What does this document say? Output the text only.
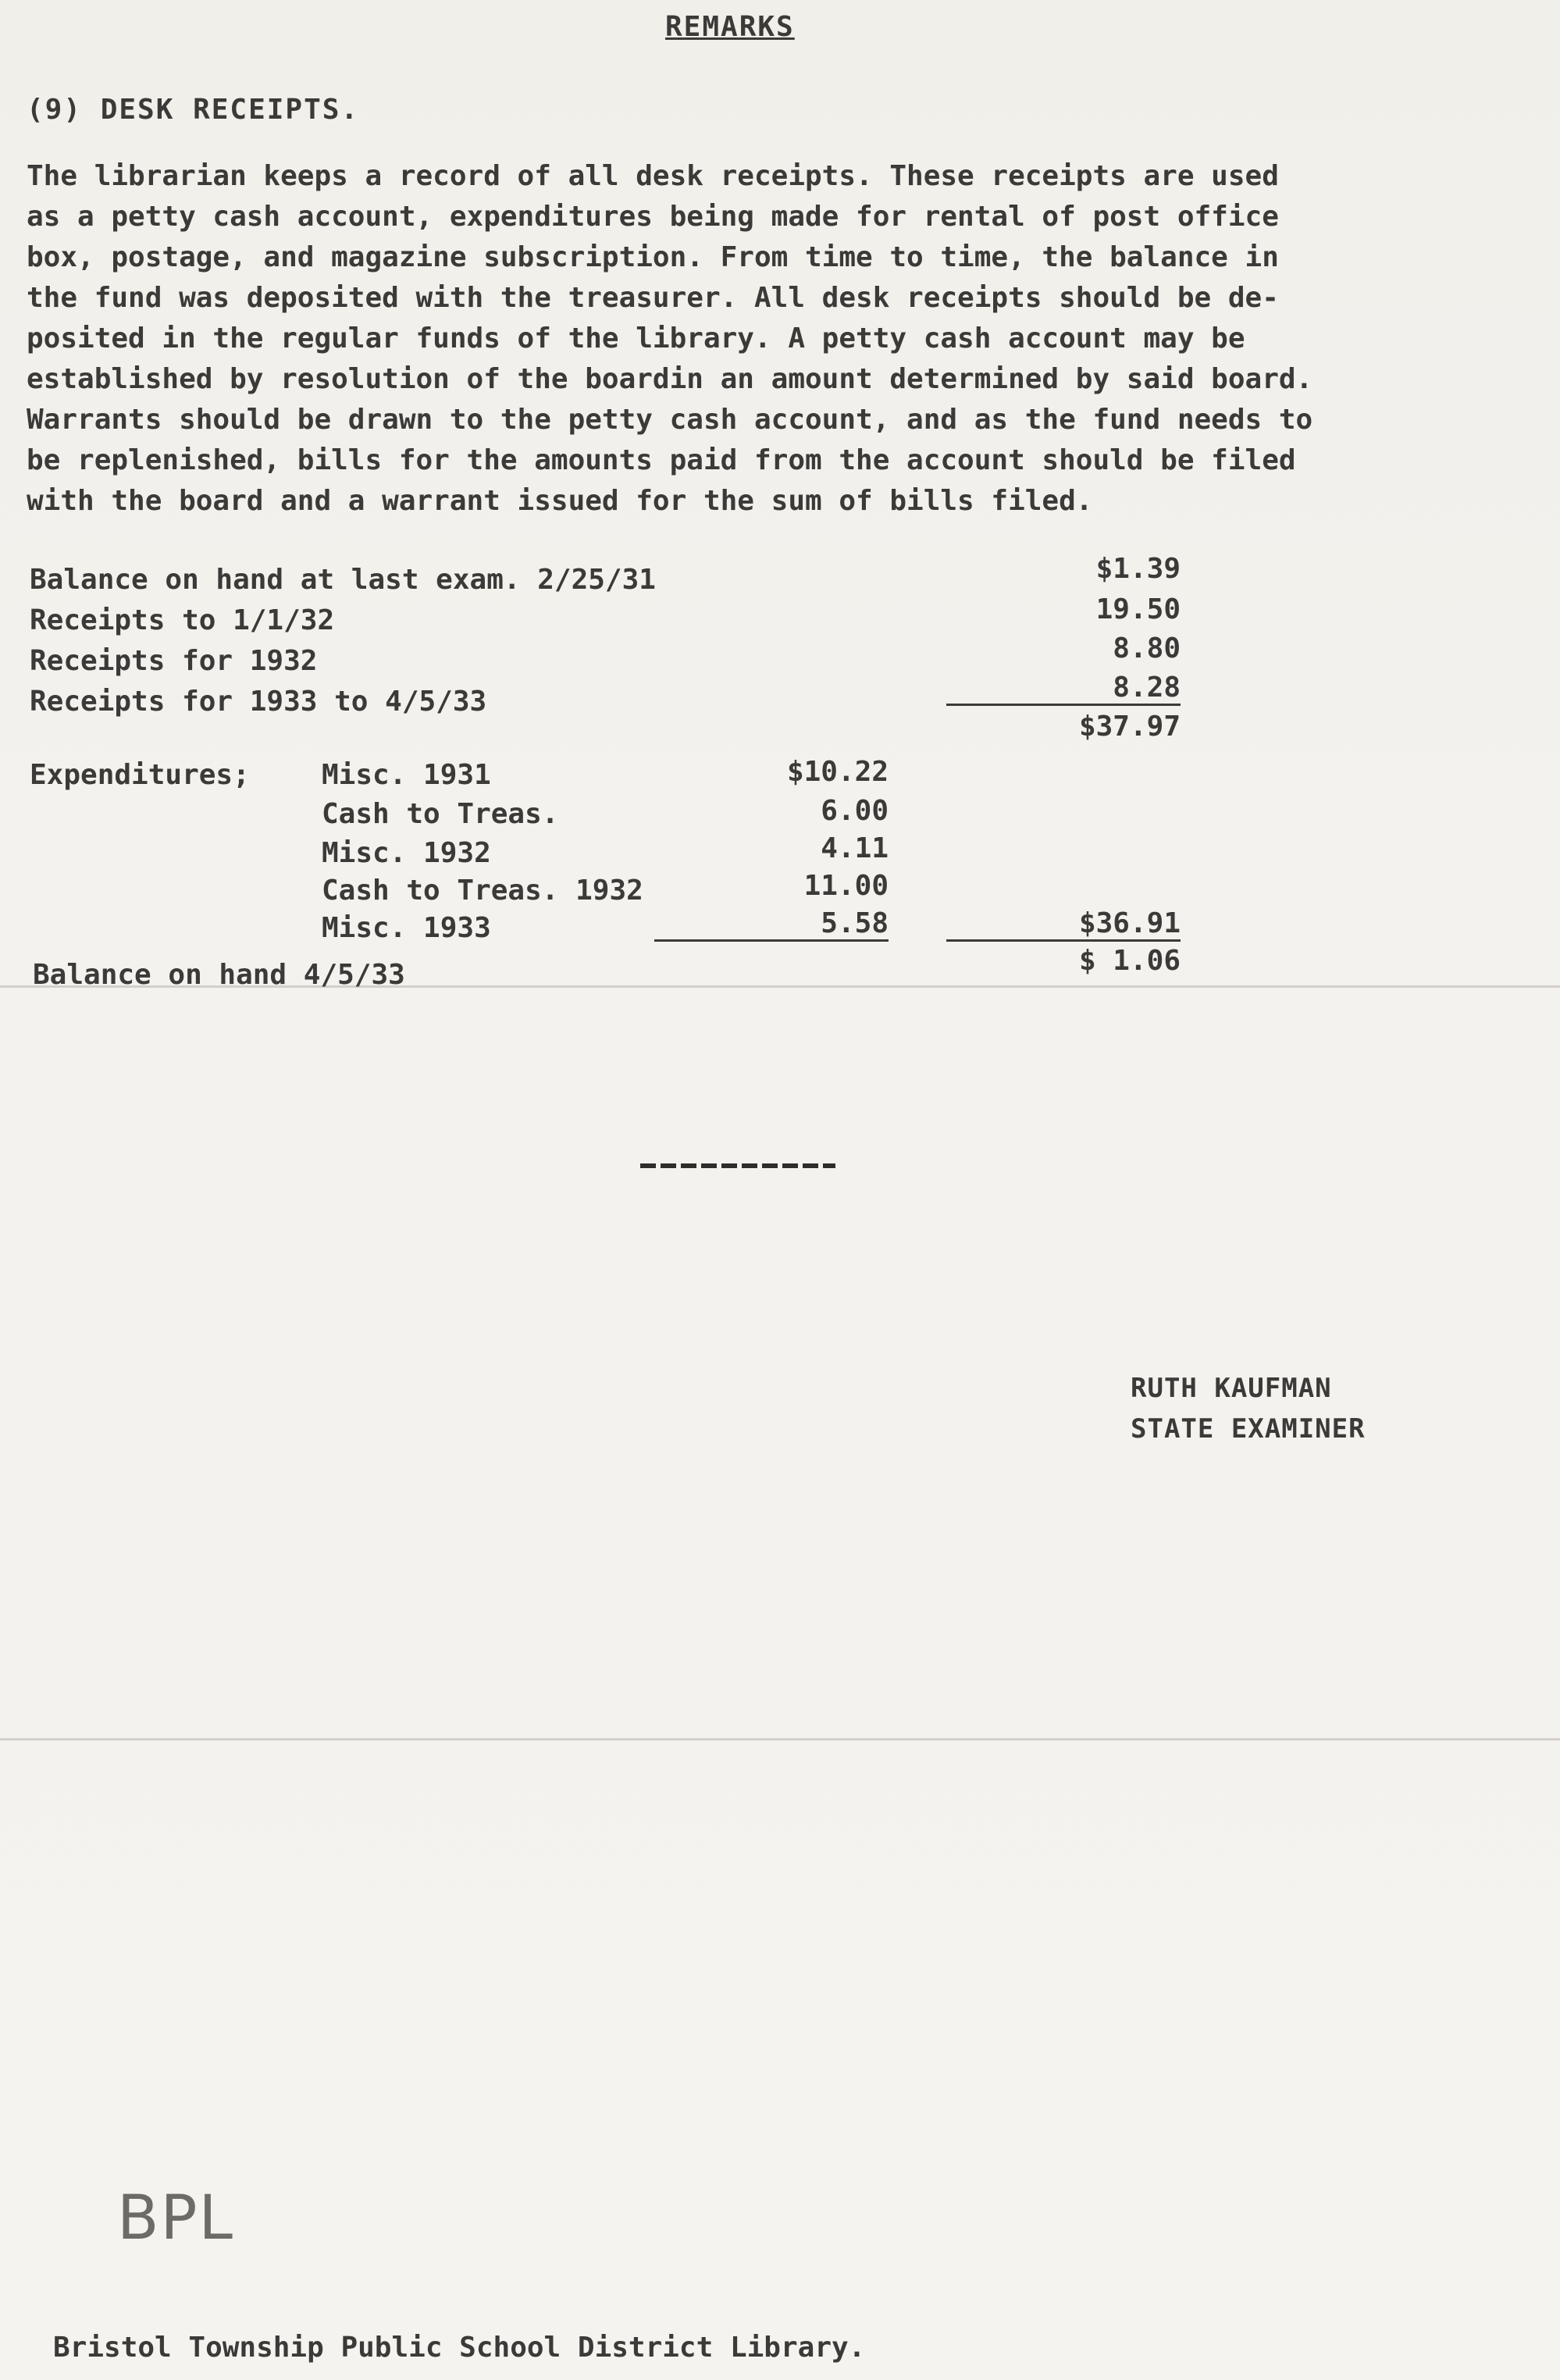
REMARKS
(9) DESK RECEIPTS.

The librarian keeps a record of all desk receipts. These receipts are used
as a petty cash account, expenditures being made for rental of post office
box, postage, and magazine subscription. From time to time, the balance in
the fund was deposited with the treasurer. All desk receipts should be de-
posited in the regular funds of the library. A petty cash account may be
established by resolution of the boardin an amount determined by said board.
Warrants should be drawn to the petty cash account, and as the fund needs to
be replenished, bills for the amounts paid from the account should be filed
with the board and a warrant issued for the sum of bills filed.

Balance on hand at last exam. 2/25/31	$1.39
Receipts to 1/1/32	19.50
Receipts for 1932	8.80
Receipts for 1933 to 4/5/33	8.28
$37.97
Expenditures;	Misc. 1931	$10.22
Cash to Treas.	6.00
Misc. 1932	4.11
Cash to Treas. 1932	11.00
Misc. 1933	5.58	$36.91
Balance on hand 4/5/33	$ 1.06
RUTH KAUFMAN
STATE EXAMINER
BPL
Bristol Township Public School District Library.
